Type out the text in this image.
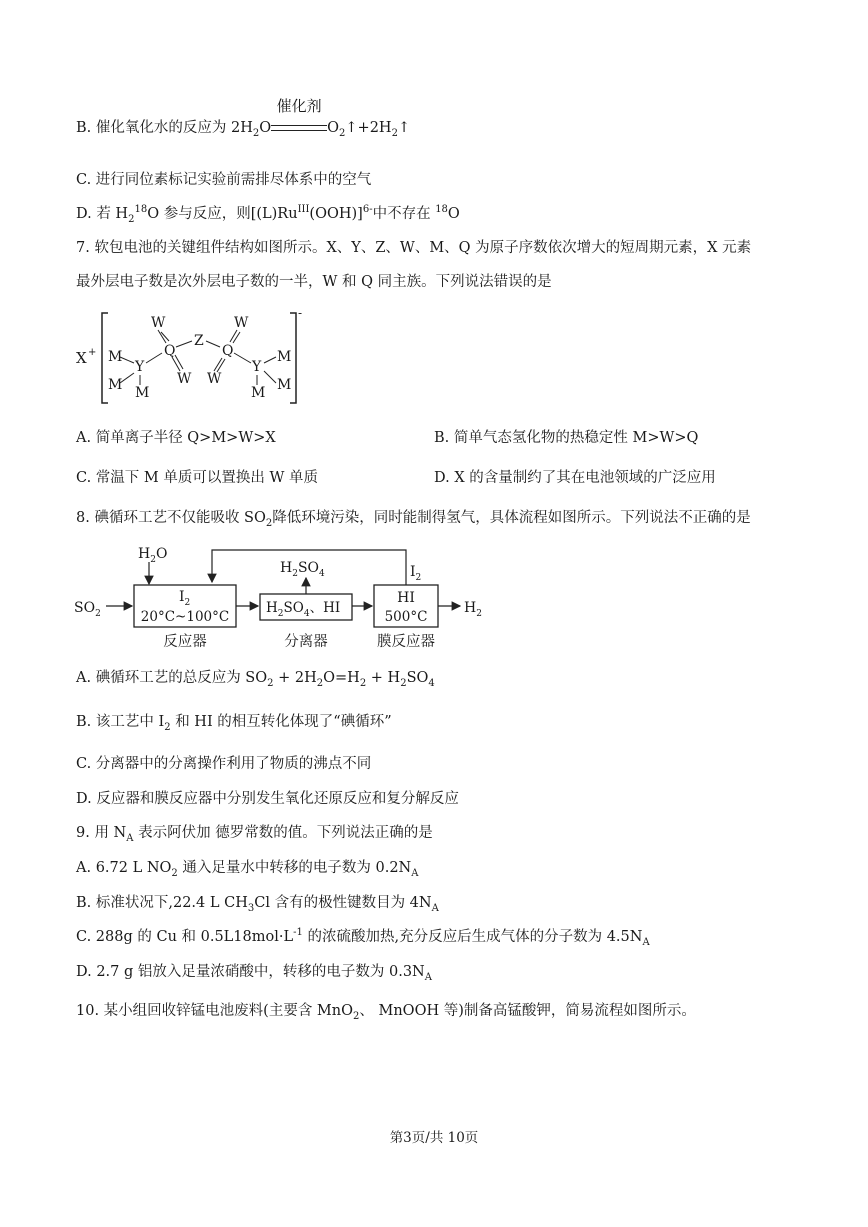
B. 催化氧化水的反应为 $2H_2O$
催化剂
$O_2↑+2H_2↑$
C. 进行同位素标记实验前需排尽体系中的空气
D. 若 $H_2^{18}O$ 参与反应，则$[(L)Ru^{III}(OOH)]^{6-}$中不存在 $^{18}$O
7. 软包电池的关键组件结构如图所示。X、Y、Z、W、M、Q 为原子序数依次增大的短周期元素，X 元素
最外层电子数是次外层电子数的一半，W 和 Q 同主族。下列说法错误的是
X +
-
M
Y
M M
W
Q
W
Z
W
Q
W
Y
M
M
M
A. 简单离子半径 Q>M>W>X	B. 简单气态氢化物的热稳定性 M>W>Q
C. 常温下 M 单质可以置换出 W 单质	D. X 的含量制约了其在电池领域的广泛应用
8. 碘循环工艺不仅能吸收 $SO_2$降低环境污染，同时能制得氢气，具体流程如图所示。下列说法不正确的是
$H_2O$
$SO_2$
$I_2$
20°C~100°C
反应器
$H_2SO_4$、HI
分离器
$H_2SO_4$
HI
500°C
膜反应器
$H_2$
$I_2$
A. 碘循环工艺的总反应为 $SO_2 + 2H_2O=H_2 + H_2SO_4$
B. 该工艺中 $I_2$ 和 HI 的相互转化体现了“碘循环”
C. 分离器中的分离操作利用了物质的沸点不同
D. 反应器和膜反应器中分别发生氧化还原反应和复分解反应
9. 用 $N_A$ 表示阿伏加 德罗常数的值。下列说法正确的是
A. 6.72 L $NO_2$ 通入足量水中转移的电子数为 $0.2N_A$
B. 标准状况下,22.4 L $CH_3Cl$ 含有的极性键数目为 $4N_A$
C. 288g 的 Cu 和 $0.5L18mol\cdot L^{-1}$ 的浓硫酸加热,充分反应后生成气体的分子数为 $4.5N_A$
D. 2.7 g 铝放入足量浓硝酸中，转移的电子数为 $0.3N_A$
10. 某小组回收锌锰电池废料(主要含 MnO$_2$、 MnOOH 等)制备高锰酸钾，简易流程如图所示。
第3页/共 10页
